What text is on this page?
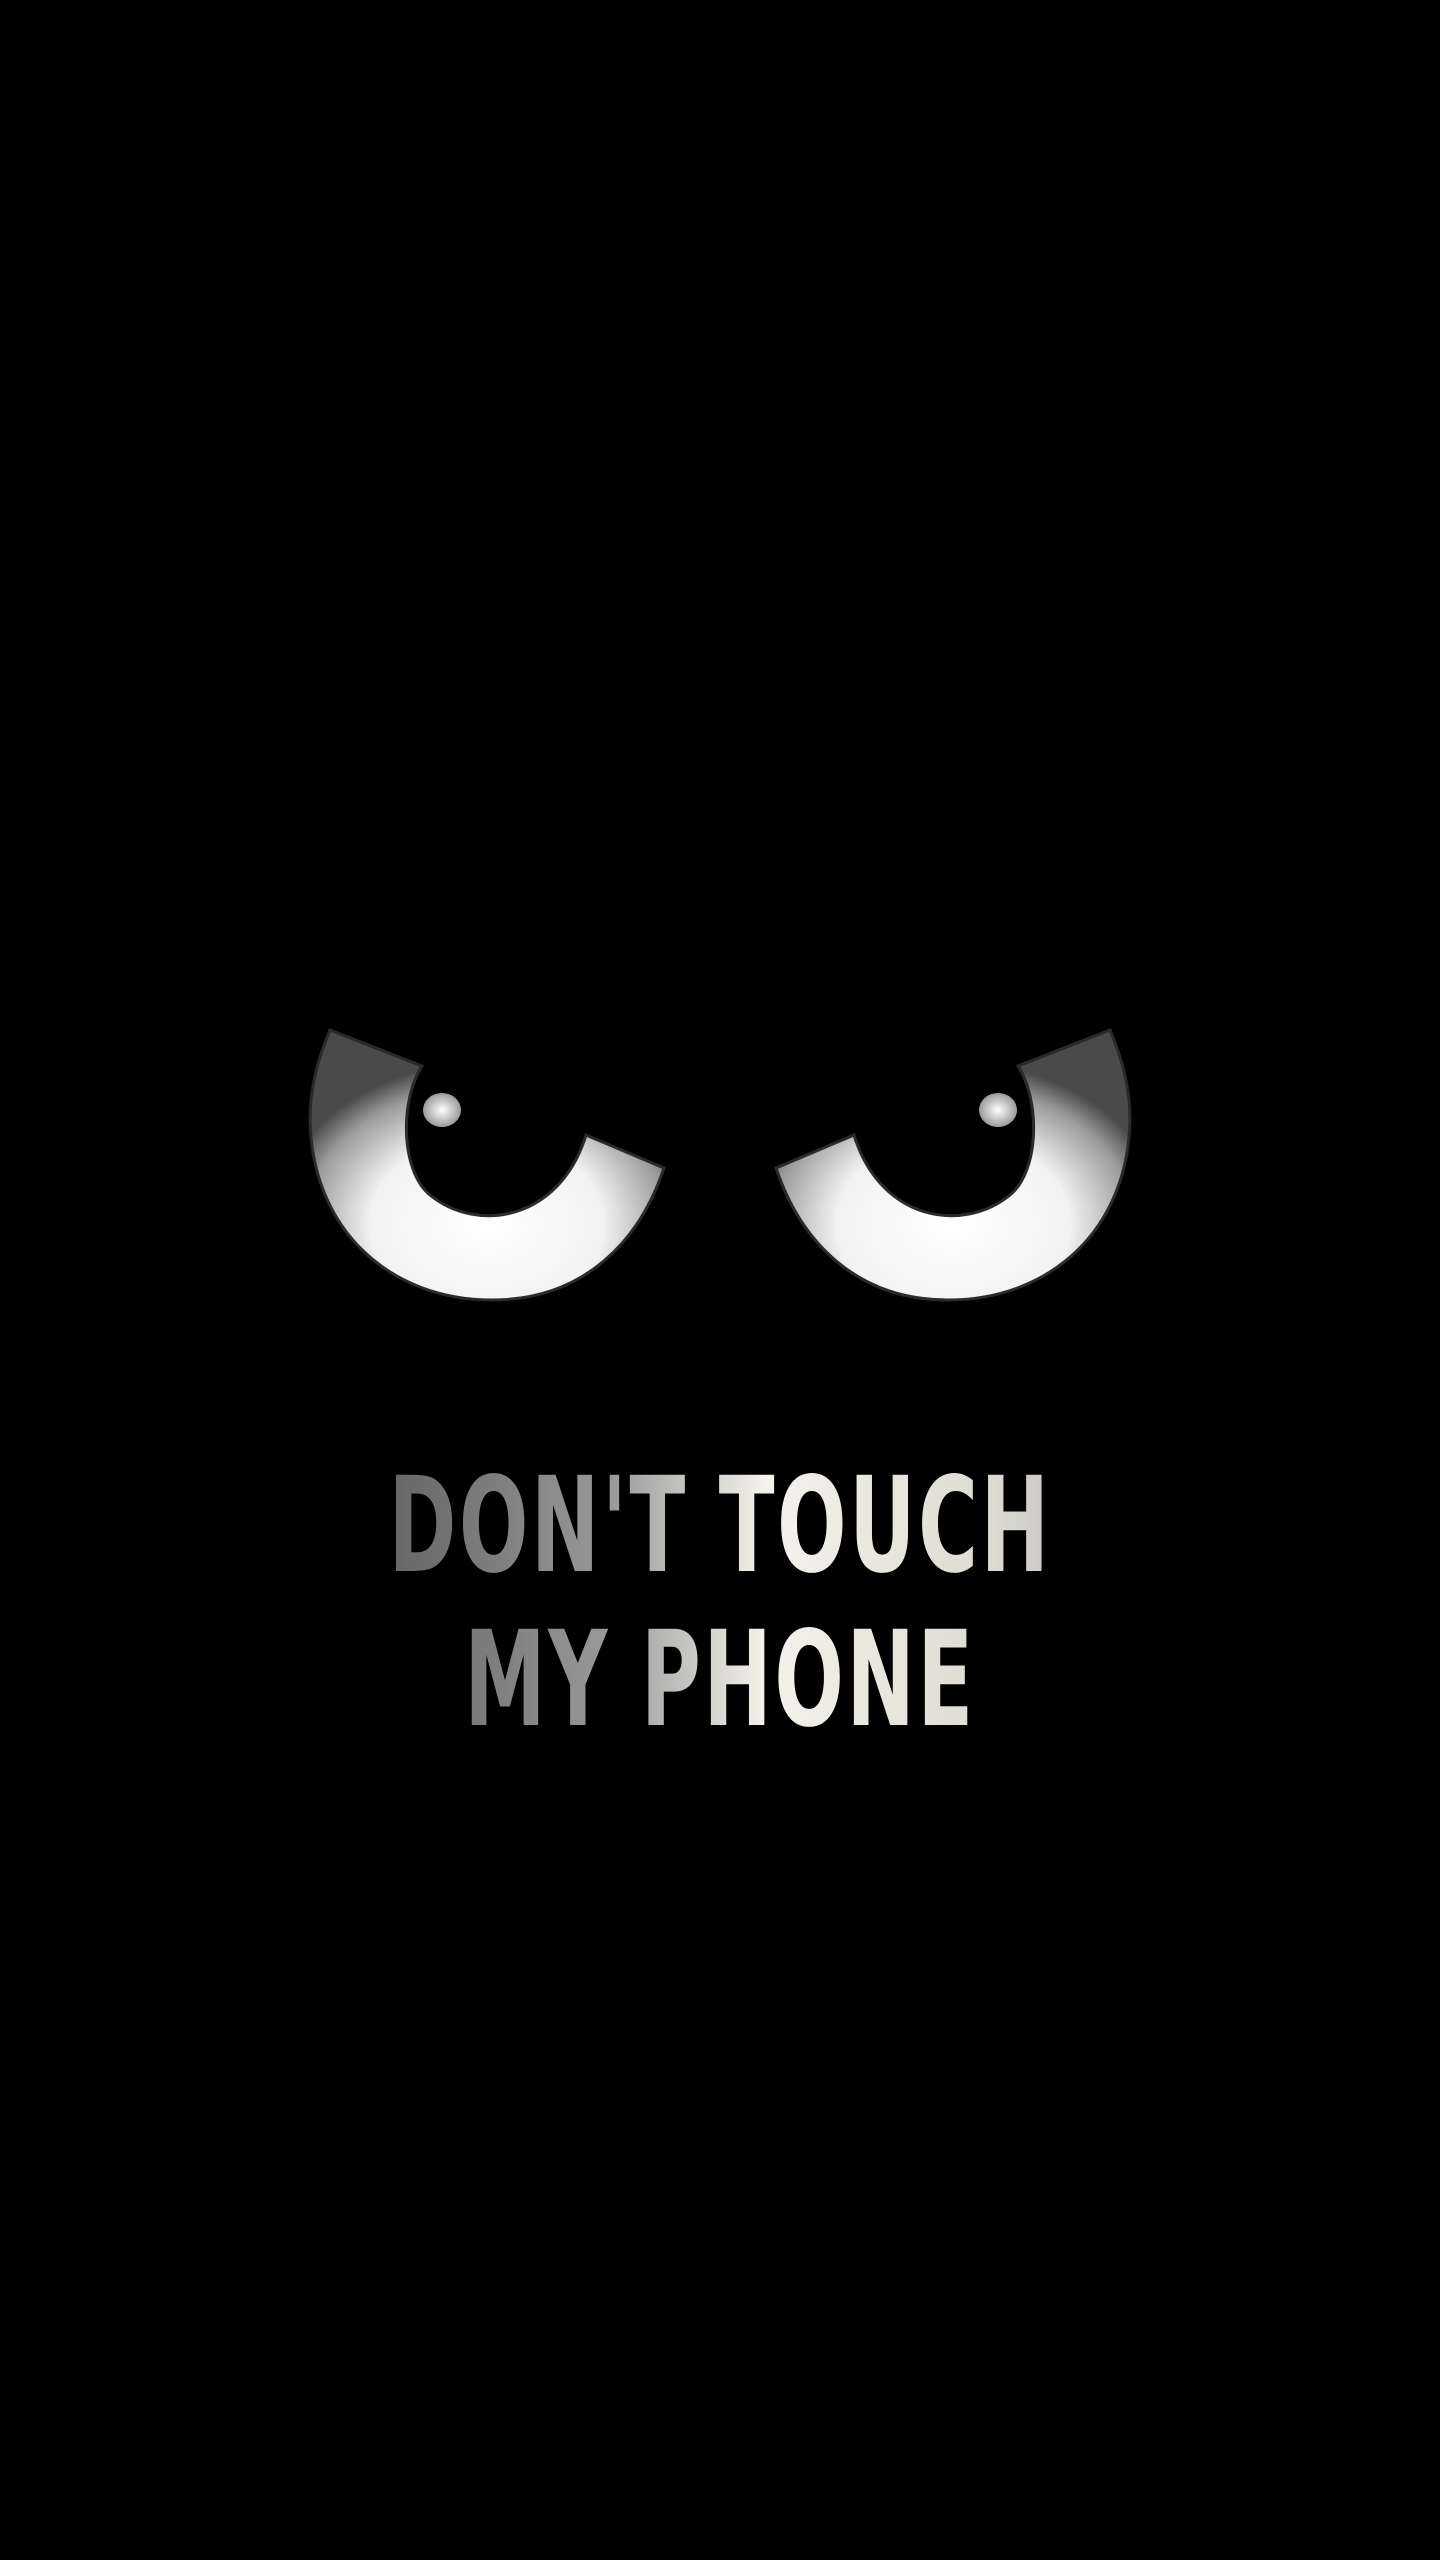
DON'T TOUCH
MY PHONE
